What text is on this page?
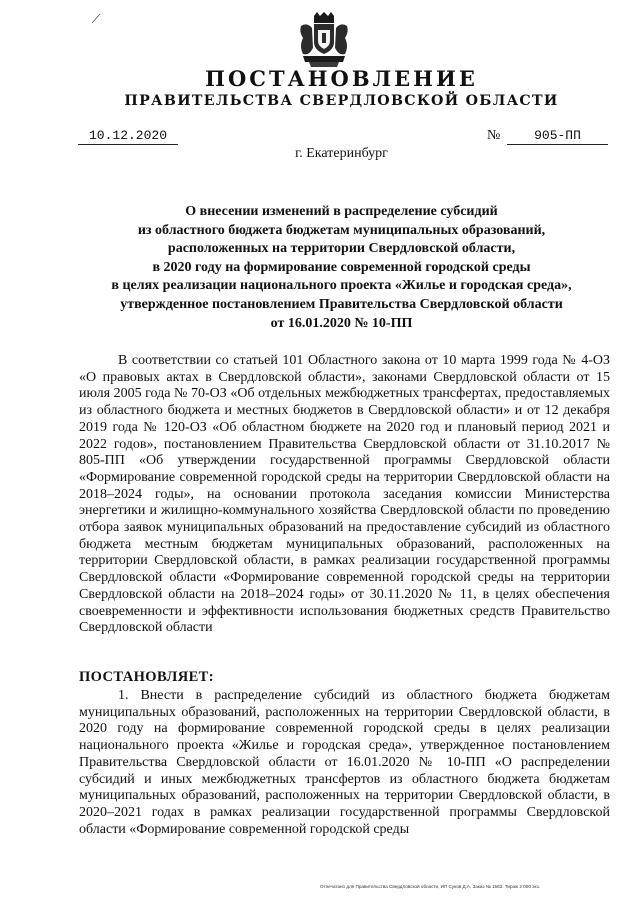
ПОСТАНОВЛЕНИЕ
ПРАВИТЕЛЬСТВА СВЕРДЛОВСКОЙ ОБЛАСТИ
10.12.2020	№	905-ПП
г. Екатеринбург
О внесении изменений в распределение субсидий
из областного бюджета бюджетам муниципальных образований,
расположенных на территории Свердловской области,
в 2020 году на формирование современной городской среды
в целях реализации национального проекта «Жилье и городская среда»,
утвержденное постановлением Правительства Свердловской области
от 16.01.2020 № 10-ПП

В соответствии со статьей 101 Областного закона от 10 марта 1999 года № 4-ОЗ «О правовых актах в Свердловской области», законами Свердловской области от 15 июля 2005 года № 70-ОЗ «Об отдельных межбюджетных трансфертах, предоставляемых из областного бюджета и местных бюджетов в Свердловской области» и от 12 декабря 2019 года № 120-ОЗ «Об областном бюджете на 2020 год и плановый период 2021 и 2022 годов», постановлением Правительства Свердловской области от 31.10.2017 № 805-ПП «Об утверждении государственной программы Свердловской области «Формирование современной городской среды на территории Свердловской области на 2018–2024 годы», на основании протокола заседания комиссии Министерства энергетики и жилищно-коммунального хозяйства Свердловской области по проведению отбора заявок муниципальных образований на предоставление субсидий из областного бюджета местным бюджетам муниципальных образований, расположенных на территории Свердловской области, в рамках реализации государственной программы Свердловской области «Формирование современной городской среды на территории Свердловской области на 2018–2024 годы» от 30.11.2020 № 11, в целях обеспечения своевременности и эффективности использования бюджетных средств Правительство Свердловской области

ПОСТАНОВЛЯЕТ:

1. Внести в распределение субсидий из областного бюджета бюджетам муниципальных образований, расположенных на территории Свердловской области, в 2020 году на формирование современной городской среды в целях реализации национального проекта «Жилье и городская среда», утвержденное постановлением Правительства Свердловской области от 16.01.2020 № 10-ПП «О распределении субсидий и иных межбюджетных трансфертов из областного бюджета бюджетам муниципальных образований, расположенных на территории Свердловской области, в 2020–2021 годах в рамках реализации государственной программы Свердловской области «Формирование современной городской среды

Отпечатано для Правительства Свердловской области, ИП Суков Д.А. Заказ № 1563. Тираж 2 000 экз.
